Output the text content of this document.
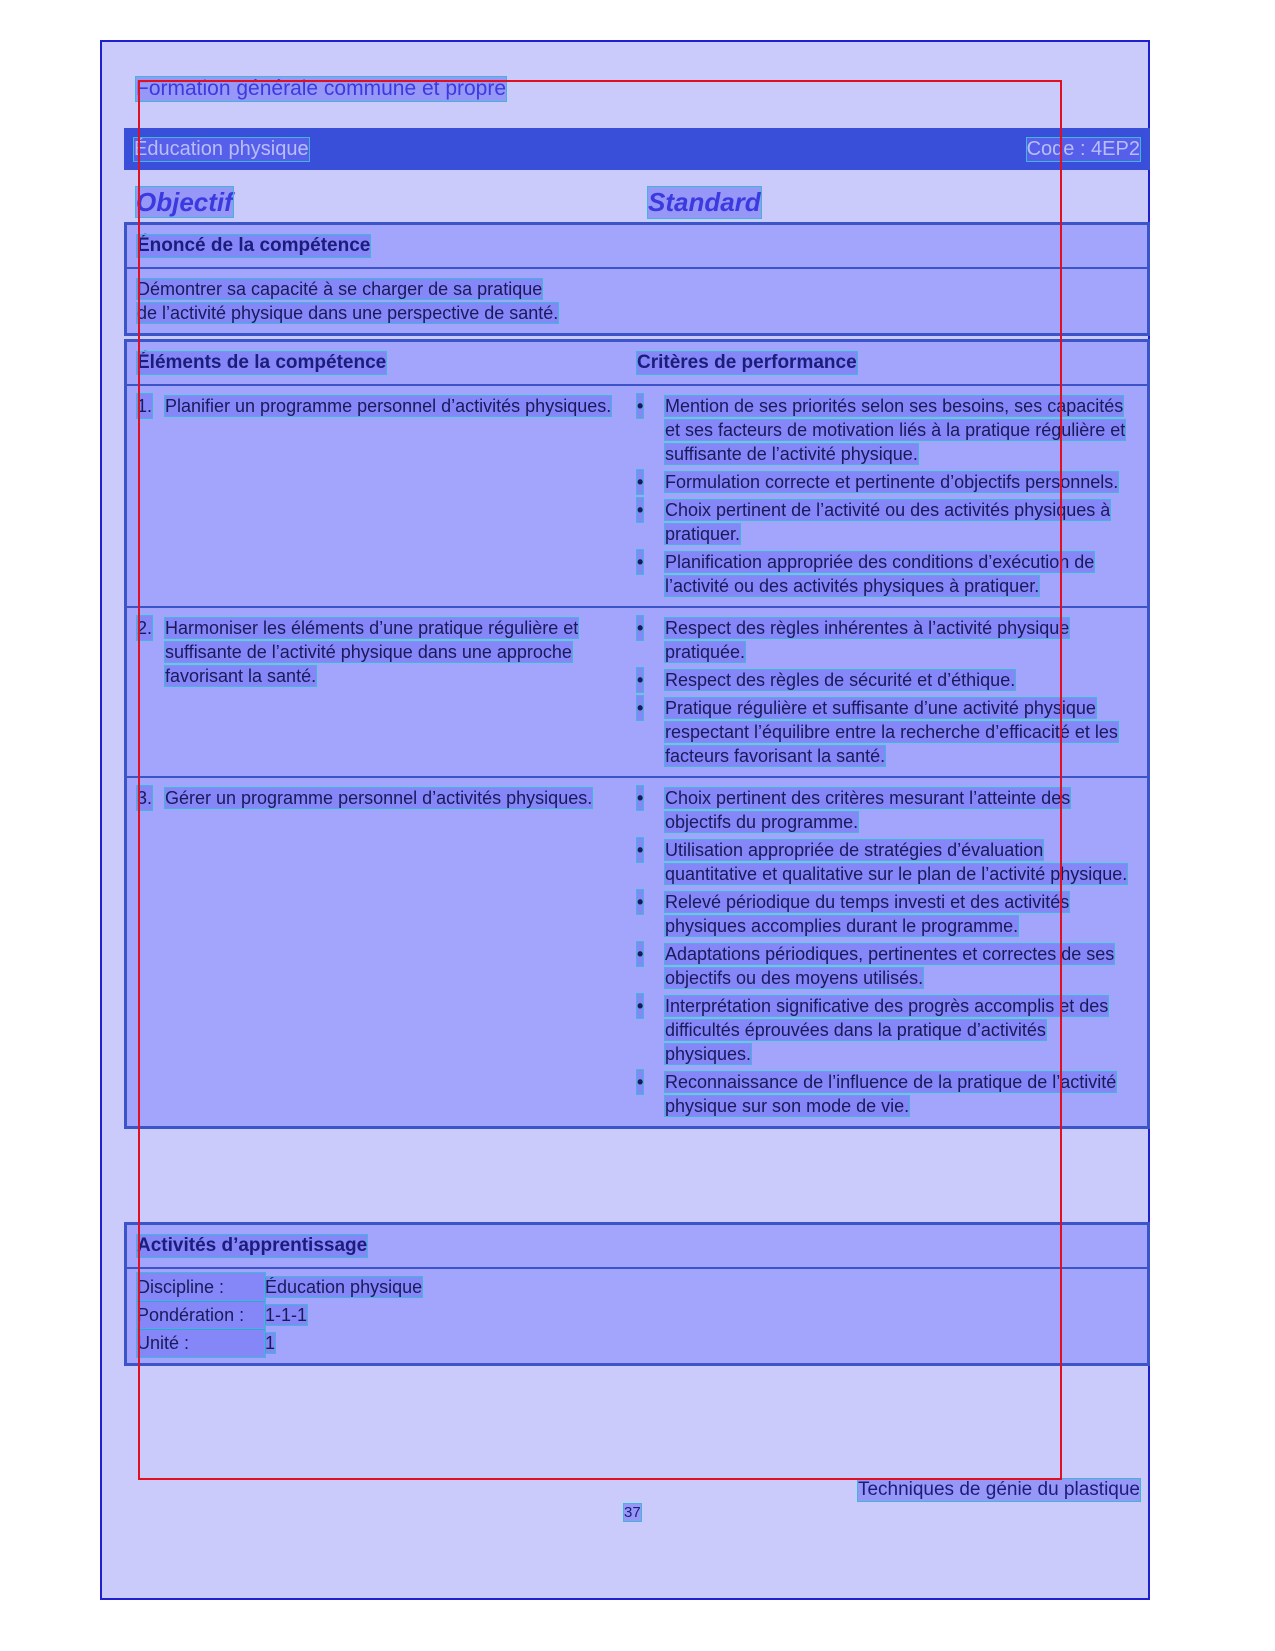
Formation générale commune et propre
Éducation physique	Code : 4EP2
Objectif	Standard
Énoncé de la compétence
Démontrer sa capacité à se charger de sa pratique
de l’activité physique dans une perspective de santé.
Éléments de la compétence	Critères de performance
1. Planifier un programme personnel d’activités physiques.	• Mention de ses priorités selon ses besoins, ses capacités et ses facteurs de motivation liés à la pratique régulière et suffisante de l’activité physique.
• Formulation correcte et pertinente d’objectifs personnels.
• Choix pertinent de l’activité ou des activités physiques à pratiquer.
• Planification appropriée des conditions d’exécution de l’activité ou des activités physiques à pratiquer.
2. Harmoniser les éléments d’une pratique régulière et suffisante de l’activité physique dans une approche favorisant la santé.
• Respect des règles inhérentes à l’activité physique pratiquée.
• Respect des règles de sécurité et d’éthique.
• Pratique régulière et suffisante d’une activité physique respectant l’équilibre entre la recherche d’efficacité et les facteurs favorisant la santé.
3. Gérer un programme personnel d’activités physiques.	• Choix pertinent des critères mesurant l’atteinte des objectifs du programme.
• Utilisation appropriée de stratégies d’évaluation quantitative et qualitative sur le plan de l’activité physique.
• Relevé périodique du temps investi et des activités physiques accomplies durant le programme.
• Adaptations périodiques, pertinentes et correctes de ses objectifs ou des moyens utilisés.
• Interprétation significative des progrès accomplis et des difficultés éprouvées dans la pratique d’activités physiques.
• Reconnaissance de l’influence de la pratique de l’activité physique sur son mode de vie.
Activités d’apprentissage
Discipline : Éducation physique
Pondération : 1-1-1
Unité :	1
Techniques de génie du plastique
37
